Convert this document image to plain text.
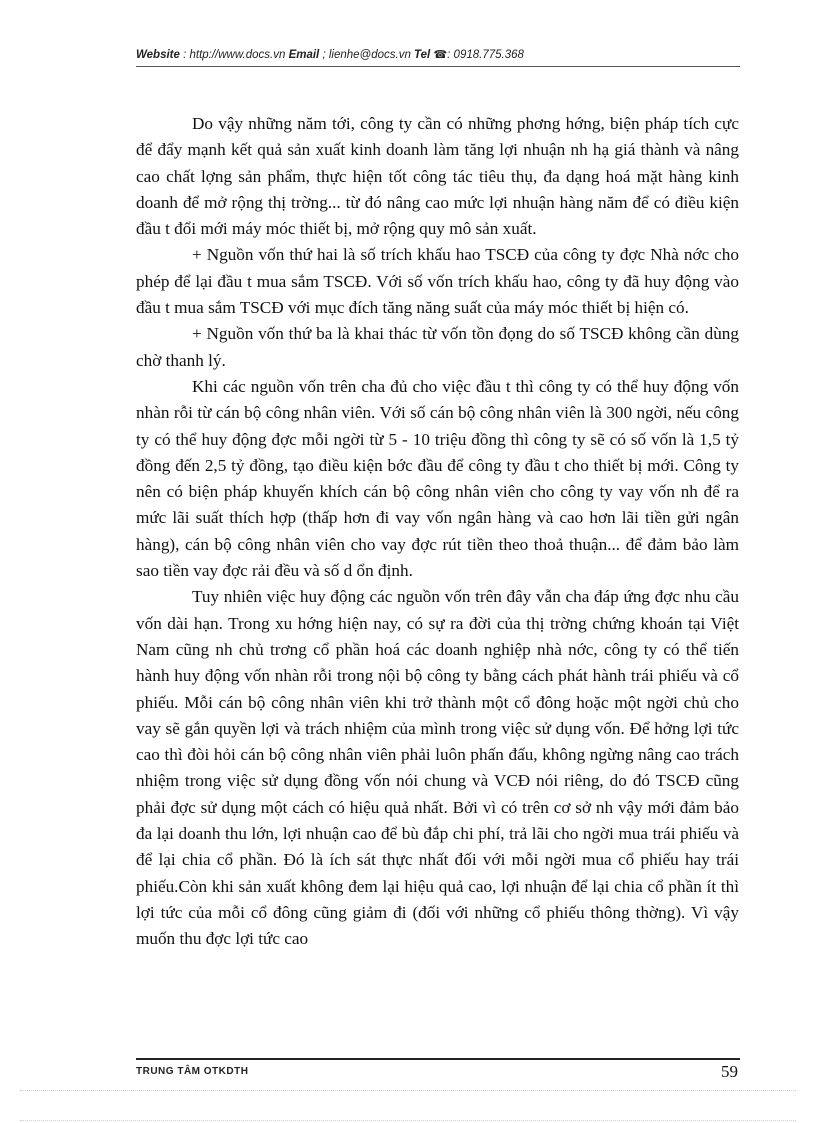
Website : http://www.docs.vn Email ; lienhe@docs.vn Tel ☎: 0918.775.368

Do vậy những năm tới, công ty cần có những phơng hớng, biện pháp tích cực để đẩy mạnh kết quả sản xuất kinh doanh làm tăng lợi nhuận nh hạ giá thành và nâng cao chất lợng sản phẩm, thực hiện tốt công tác tiêu thụ, đa dạng hoá mặt hàng kinh doanh để mở rộng thị trờng... từ đó nâng cao mức lợi nhuận hàng năm để có điều kiện đầu t đổi mới máy móc thiết bị, mở rộng quy mô sản xuất.

+ Nguồn vốn thứ hai là số trích khấu hao TSCĐ của công ty đợc Nhà nớc cho phép để lại đầu t mua sắm TSCĐ. Với số vốn trích khấu hao, công ty đã huy động vào đầu t mua sắm TSCĐ với mục đích tăng năng suất của máy móc thiết bị hiện có.

+ Nguồn vốn thứ ba là khai thác từ vốn tồn đọng do số TSCĐ không cần dùng chờ thanh lý.

Khi các nguồn vốn trên cha đủ cho việc đầu t thì công ty có thể huy động vốn nhàn rỗi từ cán bộ công nhân viên. Với số cán bộ công nhân viên là 300 ngời, nếu công ty có thể huy động đợc mỗi ngời từ 5 - 10 triệu đồng thì công ty sẽ có số vốn là 1,5 tỷ đồng đến 2,5 tỷ đồng, tạo điều kiện bớc đầu để công ty đầu t cho thiết bị mới. Công ty nên có biện pháp khuyến khích cán bộ công nhân viên cho công ty vay vốn nh để ra mức lãi suất thích hợp (thấp hơn đi vay vốn ngân hàng và cao hơn lãi tiền gửi ngân hàng), cán bộ công nhân viên cho vay đợc rút tiền theo thoả thuận... để đảm bảo làm sao tiền vay đợc rải đều và số d ổn định.

Tuy nhiên việc huy động các nguồn vốn trên đây vẫn cha đáp ứng đợc nhu cầu vốn dài hạn. Trong xu hớng hiện nay, có sự ra đời của thị trờng chứng khoán tại Việt Nam cũng nh chủ trơng cổ phần hoá các doanh nghiệp nhà nớc, công ty có thể tiến hành huy động vốn nhàn rỗi trong nội bộ công ty bằng cách phát hành trái phiếu và cổ phiếu. Mỗi cán bộ công nhân viên khi trở thành một cổ đông hoặc một ngời chủ cho vay sẽ gắn quyền lợi và trách nhiệm của mình trong việc sử dụng vốn. Để hởng lợi tức cao thì đòi hỏi cán bộ công nhân viên phải luôn phấn đấu, không ngừng nâng cao trách nhiệm trong việc sử dụng đồng vốn nói chung và VCĐ nói riêng, do đó TSCĐ cũng phải đợc sử dụng một cách có hiệu quả nhất. Bởi vì có trên cơ sở nh vậy mới đảm bảo đa lại doanh thu lớn, lợi nhuận cao để bù đắp chi phí, trả lãi cho ngời mua trái phiếu và để lại chia cổ phần. Đó là ích sát thực nhất đối với mỗi ngời mua cổ phiếu hay trái phiếu.Còn khi sản xuất không đem lại hiệu quả cao, lợi nhuận để lại chia cổ phần ít thì lợi tức của mỗi cổ đông cũng giảm đi (đối với những cổ phiếu thông thờng). Vì vậy muốn thu đợc lợi tức cao

TRUNG TÂM OTKDTH	59
